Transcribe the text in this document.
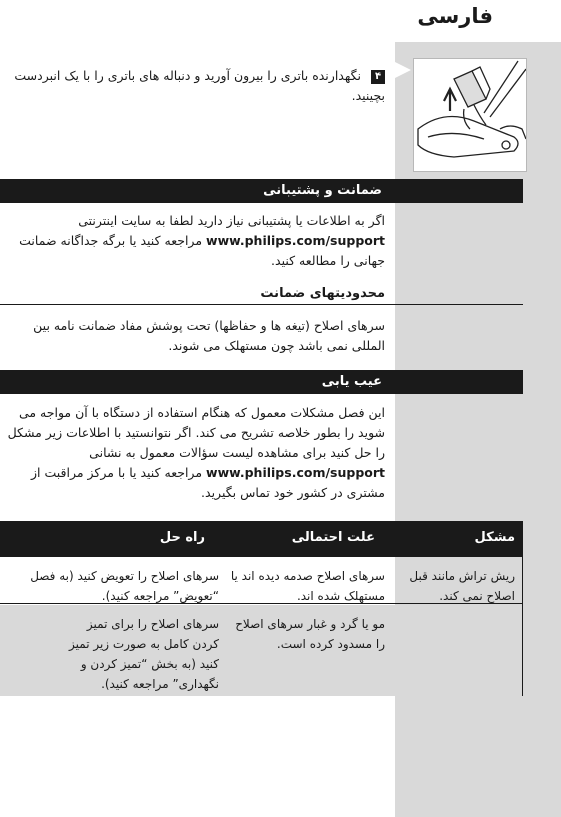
فارسی
۴ نگهدارنده باتری را بیرون آورید و دنباله های باتری را با یک انبردست بچینید.
ضمانت و پشتیبانی
اگر به اطلاعات یا پشتیبانی نیاز دارید لطفا به سایت اینترنتی www.philips.com/support مراجعه کنید یا برگه جداگانه ضمانت جهانی را مطالعه کنید.
محدودیتهای ضمانت
سرهای اصلاح (تیغه ها و حفاظها) تحت پوشش مفاد ضمانت نامه بین المللی نمی باشد چون مستهلک می شوند.
عیب یابی
این فصل مشکلات معمول که هنگام استفاده از دستگاه با آن مواجه می شوید را بطور خلاصه تشریح می کند. اگر نتوانستید با اطلاعات زیر مشکل را حل کنید برای مشاهده لیست سؤالات معمول به نشانی www.philips.com/support مراجعه کنید یا با مرکز مراقبت از مشتری در کشور خود تماس بگیرید.
مشکل
علت احتمالی
راه حل
ریش تراش مانند قبل اصلاح نمی کند.
سرهای اصلاح صدمه دیده اند یا مستهلک شده اند.
سرهای اصلاح را تعویض کنید (به فصل “تعویض” مراجعه کنید).
مو یا گرد و غبار سرهای اصلاح را مسدود کرده است.
سرهای اصلاح را برای تمیز کردن کامل به صورت زیر تمیز کنید (به بخش “تمیز کردن و نگهداری” مراجعه کنید).
